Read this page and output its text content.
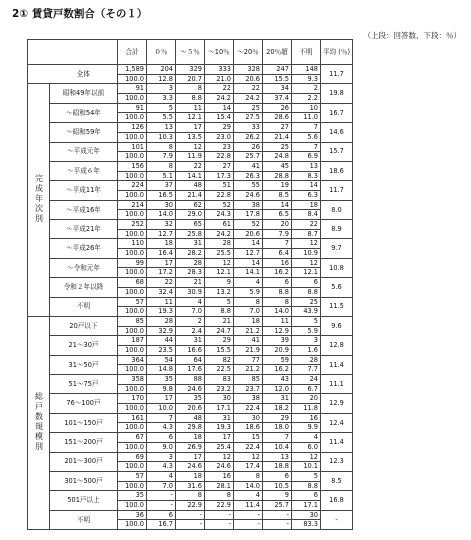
2① 賃貸戸数割合（その１）
（上段：回答数、下段：％）
		合計	０％	～５％	～10％	～20％	20％超	不明	平均 (％)
	全体	1,589	204	329	333	328	247	148	11.7
		100.0	12.8	20.7	21.0	20.6	15.5	9.3	
完成年次別	昭和49年以前	91	3	8	22	22	34	2	19.8
		100.0	3.3	8.8	24.2	24.2	37.4	2.2	
	～昭和54年	91	5	11	14	25	26	10	16.7
		100.0	5.5	12.1	15.4	27.5	28.6	11.0	
	～昭和59年	126	13	17	29	33	27	7	14.6
		100.0	10.3	13.5	23.0	26.2	21.4	5.6	
	～平成元年	101	8	12	23	26	25	7	15.7
		100.0	7.9	11.9	22.8	25.7	24.8	6.9	
	～平成６年	156	8	22	27	41	45	13	18.6
		100.0	5.1	14.1	17.3	26.3	28.8	8.3	
	～平成11年	224	37	48	51	55	19	14	11.7
		100.0	16.5	21.4	22.8	24.6	8.5	6.3	
	～平成16年	214	30	62	52	38	14	18	8.0
		100.0	14.0	29.0	24.3	17.8	6.5	8.4	
	～平成21年	252	32	65	61	52	20	22	8.9
		100.0	12.7	25.8	24.2	20.6	7.9	8.7	
	～平成26年	110	18	31	28	14	7	12	9.7
		100.0	16.4	28.2	25.5	12.7	6.4	10.9	
	～令和元年	99	17	28	12	14	16	12	10.8
		100.0	17.2	28.3	12.1	14.1	16.2	12.1	
	令和２年以降	68	22	21	9	4	6	6	5.6
		100.0	32.4	30.9	13.2	5.9	8.8	8.8	
	不明	57	11	4	5	8	8	25	11.5
		100.0	19.3	7.0	8.8	7.0	14.0	43.9	
総戸数規模別	20戸以下	85	28	2	21	18	11	5	9.6
		100.0	32.9	2.4	24.7	21.2	12.9	5.9	
	21～30戸	187	44	31	29	41	39	3	12.8
		100.0	23.5	16.6	15.5	21.9	20.9	1.6	
	31～50戸	364	54	64	82	77	59	28	11.4
		100.0	14.8	17.6	22.5	21.2	16.2	7.7	
	51～75戸	358	35	88	83	85	43	24	11.1
		100.0	9.8	24.6	23.2	23.7	12.0	6.7	
	76～100戸	170	17	35	30	38	31	20	12.9
		100.0	10.0	20.6	17.1	22.4	18.2	11.8	
	101～150戸	161	7	48	31	30	29	16	12.4
		100.0	4.3	29.8	19.3	18.6	18.0	9.9	
	151～200戸	67	6	18	17	15	7	4	11.4
		100.0	9.0	26.9	25.4	22.4	10.4	6.0	
	201～300戸	69	3	17	12	12	13	12	12.3
		100.0	4.3	24.6	24.6	17.4	18.8	10.1	
	301～500戸	57	4	18	16	8	6	5	8.5
		100.0	7.0	31.6	28.1	14.0	10.5	8.8	
	501戸以上	35	-	8	8	4	9	6	16.8
		100.0	-	22.9	22.9	11.4	25.7	17.1	
	不明	36	6	-	-	-	-	30	-
		100.0	16.7	-	-	-	-	83.3	
